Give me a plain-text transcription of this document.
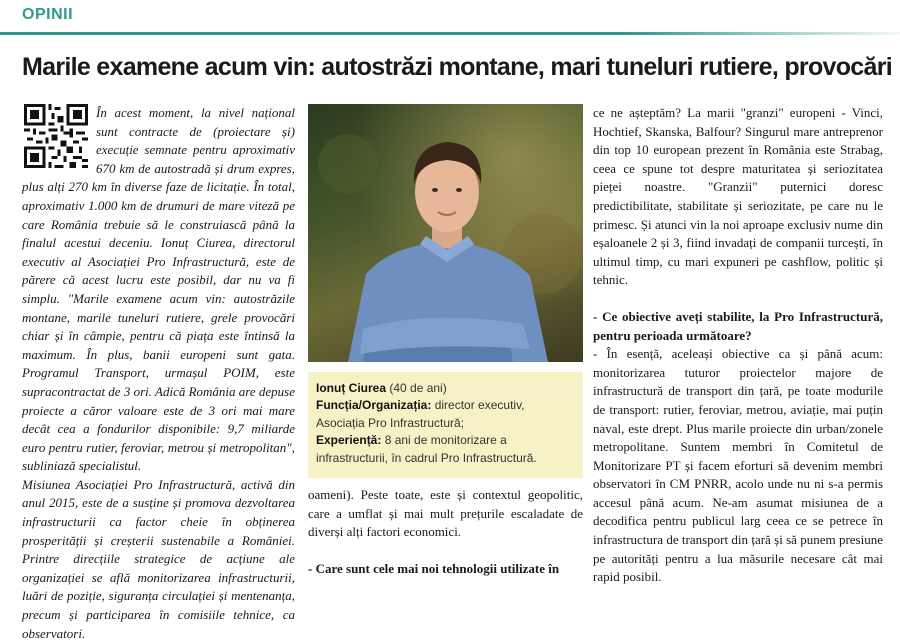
OPINII
Marile examene acum vin: autostrăzi montane, mari tuneluri rutiere, provocări

În acest moment, la nivel național sunt contracte de (proiectare și) execuție semnate pentru aproximativ 670 km de autostradă și drum expres, plus alți 270 km în diverse faze de licitație. În total, aproximativ 1.000 km de drumuri de mare viteză pe care România trebuie să le construiască până la finalul acestui deceniu. Ionuț Ciurea, directorul executiv al Asociației Pro Infrastructură, este de părere că acest lucru este posibil, dar nu va fi simplu. "Marile examene acum vin: autostrăzile montane, marile tuneluri rutiere, grele provocări chiar și în câmpie, pentru că piața este întinsă la maximum. În plus, banii europeni sunt gata. Programul Transport, urmașul POIM, este supracontractat de 3 ori. Adică România are depuse proiecte a căror valoare este de 3 ori mai mare decât cea a fondurilor disponibile: 9,7 miliarde euro pentru rutier, feroviar, metrou și metropolitan", subliniază specialistul.

Misiunea Asociației Pro Infrastructură, activă din anul 2015, este de a susține și promova dezvoltarea infrastructurii ca factor cheie în obținerea prosperității și creșterii sustenabile a României. Printre direcțiile strategice de acțiune ale organizației se află monitorizarea infrastructurii, luări de poziție, siguranța circulației și mentenanța, precum și participarea în comisiile tehnice, ca observatori.

Ionuț Ciurea (40 de ani)
Funcția/Organizația: director executiv, Asociația Pro Infrastructură;
Experiență: 8 ani de monitorizare a infrastructurii, în cadrul Pro Infrastructură.

oameni). Peste toate, este și contextul geopolitic, care a umflat și mai mult prețurile escaladate de diverși alți factori economici.

- Care sunt cele mai noi tehnologii utilizate în

ce ne așteptăm? La marii "granzi" europeni - Vinci, Hochtief, Skanska, Balfour? Singurul mare antreprenor din top 10 european prezent în România este Strabag, ceea ce spune tot despre maturitatea și seriozitatea pieței noastre. "Granzii" puternici doresc predictibilitate, stabilitate și seriozitate, pe care nu le primesc. Și atunci vin la noi aproape exclusiv nume din eșaloanele 2 și 3, fiind invadați de companii turcești, în ultimul timp, cu mari expuneri pe cashflow, politic și tehnic.

- Ce obiective aveți stabilite, la Pro Infrastructură, pentru perioada următoare?

- În esență, aceleași obiective ca și până acum: monitorizarea tuturor proiectelor majore de infrastructură de transport din țară, pe toate modurile de transport: rutier, feroviar, metrou, aviație, mai puțin naval, este drept. Plus marile proiecte din urban/zonele metropolitane. Suntem membri în Comitetul de Monitorizare PT și facem eforturi să devenim membri observatori în CM PNRR, acolo unde nu ni s-a permis accesul până acum. Ne-am asumat misiunea de a decodifica pentru publicul larg ceea ce se petrece în infrastructura de transport din țară și să punem presiune pe autorități pentru a lua măsurile necesare cât mai rapid posibil.
